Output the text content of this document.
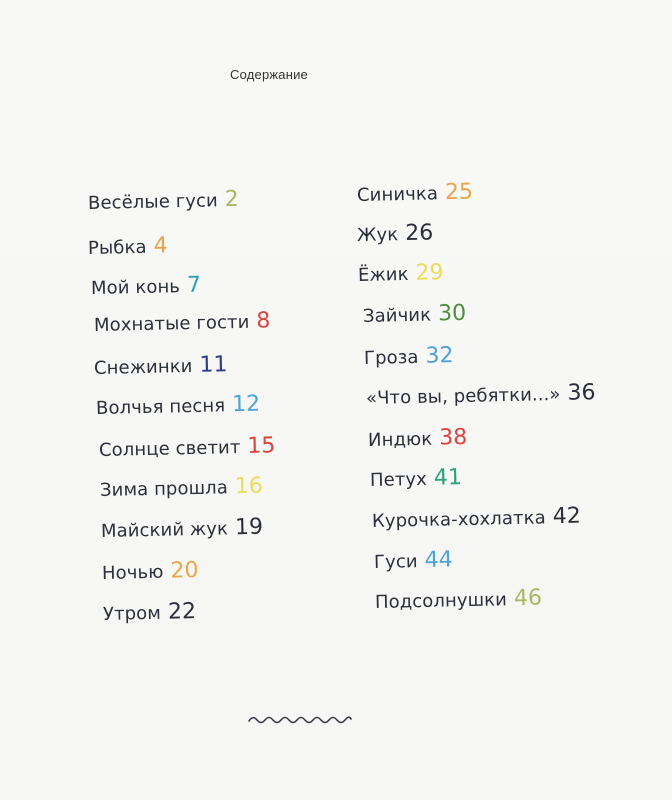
Содержание
Весёлые гуси 2
Рыбка 4
Мой конь 7
Мохнатые гости 8
Снежинки 11
Волчья песня 12
Солнце светит 15
Зима прошла 16
Майский жук 19
Ночью 20
Утром 22
Синичка 25
Жук 26
Ёжик 29
Зайчик 30
Гроза 32
«Что вы, ребятки...» 36
Индюк 38
Петух 41
Курочка-хохлатка 42
Гуси 44
Подсолнушки 46
